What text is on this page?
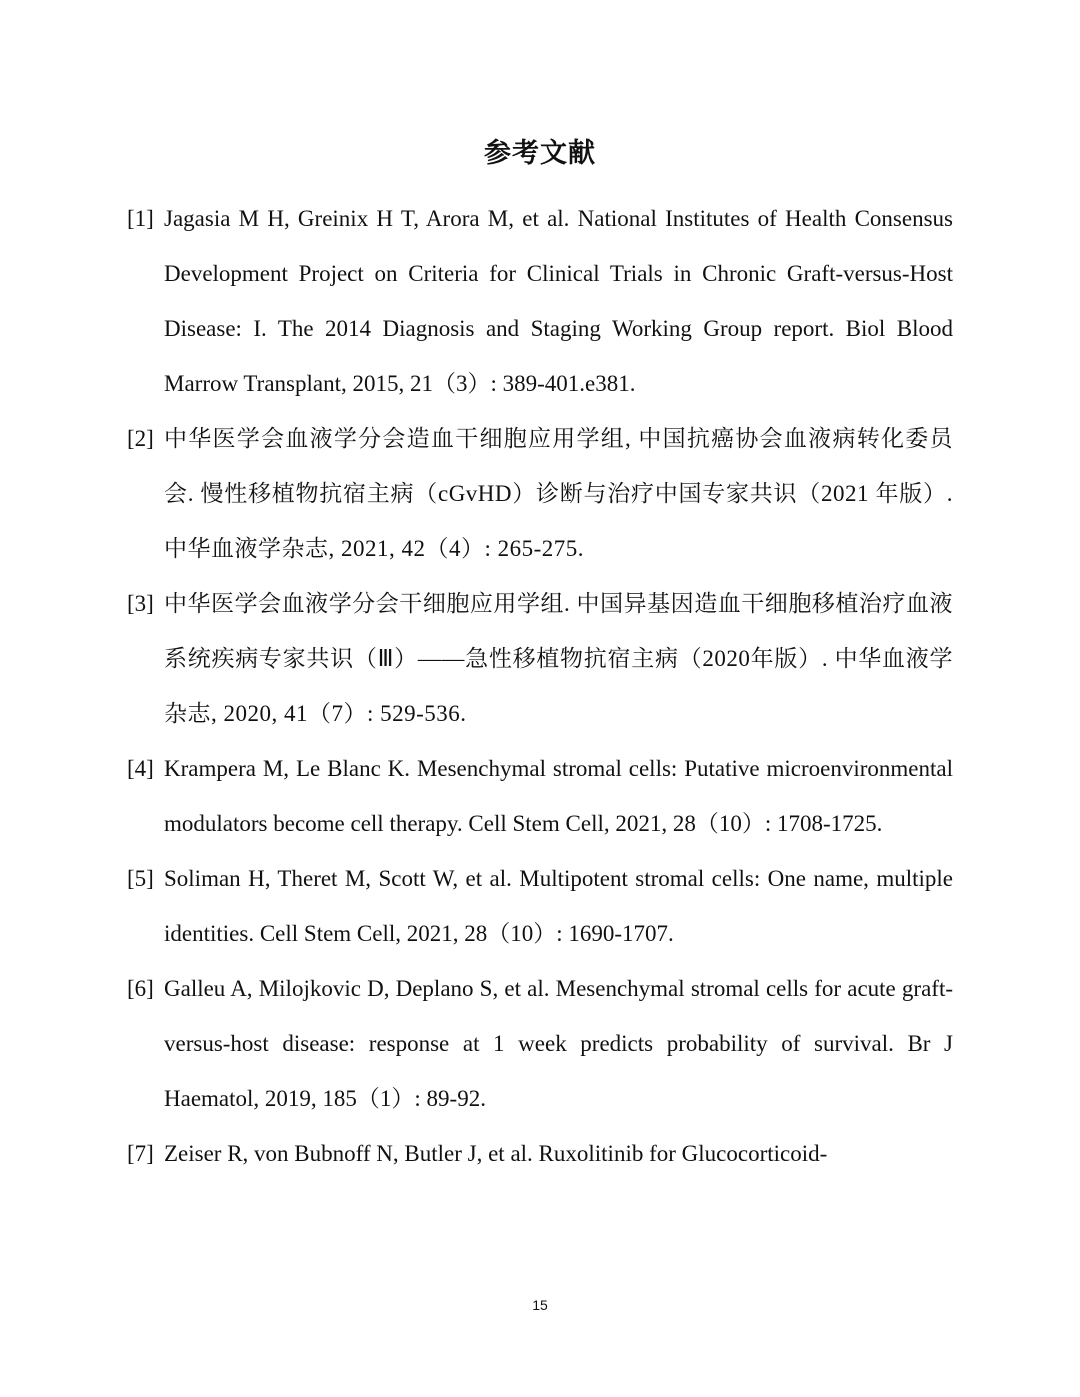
参考文献
[1] Jagasia M H, Greinix H T, Arora M, et al. National Institutes of Health Consensus Development Project on Criteria for Clinical Trials in Chronic Graft-versus-Host Disease: I. The 2014 Diagnosis and Staging Working Group report. Biol Blood Marrow Transplant, 2015, 21（3）: 389-401.e381.
[2] 中华医学会血液学分会造血干细胞应用学组, 中国抗癌协会血液病转化委员会. 慢性移植物抗宿主病（cGvHD）诊断与治疗中国专家共识（2021 年版）. 中华血液学杂志, 2021, 42（4）: 265-275.
[3] 中华医学会血液学分会干细胞应用学组. 中国异基因造血干细胞移植治疗血液系统疾病专家共识（Ⅲ）——急性移植物抗宿主病（2020年版）. 中华血液学杂志, 2020, 41（7）: 529-536.
[4] Krampera M, Le Blanc K. Mesenchymal stromal cells: Putative microenvironmental modulators become cell therapy. Cell Stem Cell, 2021, 28（10）: 1708-1725.
[5] Soliman H, Theret M, Scott W, et al. Multipotent stromal cells: One name, multiple identities. Cell Stem Cell, 2021, 28（10）: 1690-1707.
[6] Galleu A, Milojkovic D, Deplano S, et al. Mesenchymal stromal cells for acute graft-versus-host disease: response at 1 week predicts probability of survival. Br J Haematol, 2019, 185（1）: 89-92.
[7] Zeiser R, von Bubnoff N, Butler J, et al. Ruxolitinib for Glucocorticoid-
15
